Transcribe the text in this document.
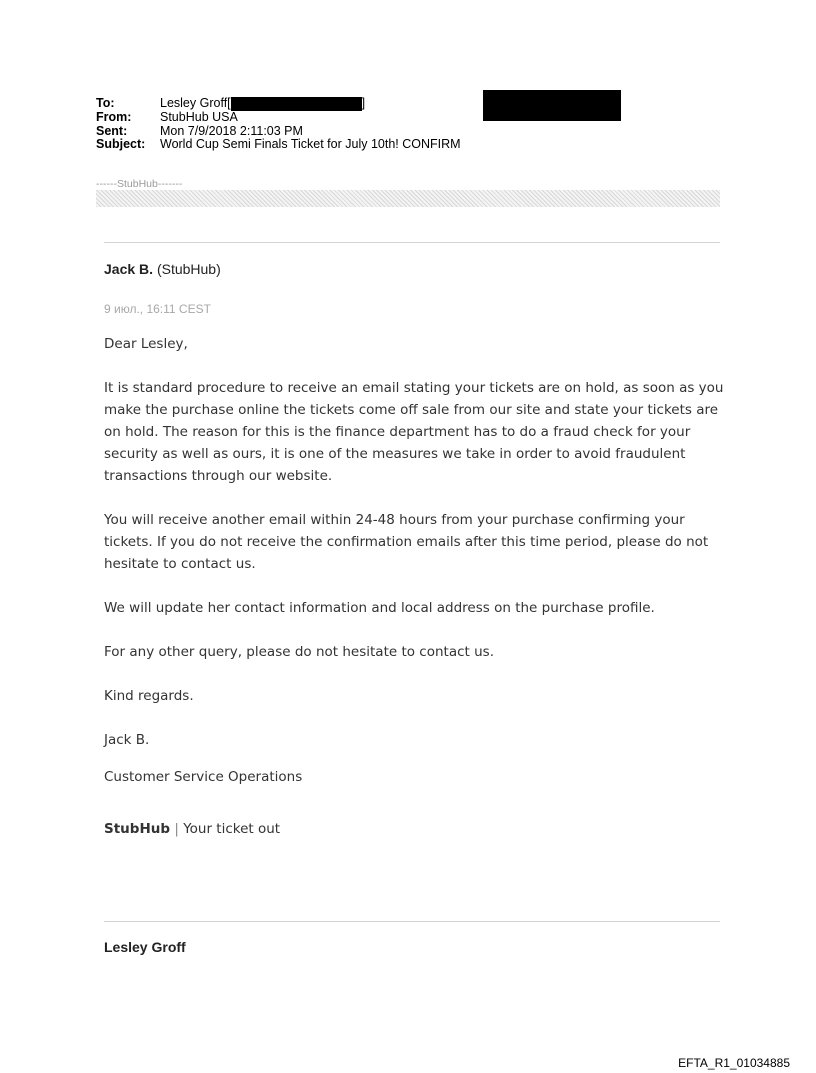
To:	Lesley Groff[	]
From:	StubHub USA
Sent:	Mon 7/9/2018 2:11:03 PM
Subject:	World Cup Semi Finals Ticket for July 10th! CONFIRM
------StubHub-------
Jack B. (StubHub)
9 июл., 16:11 CEST
Dear Lesley,
It is standard procedure to receive an email stating your tickets are on hold, as soon as you make the purchase online the tickets come off sale from our site and state your tickets are on hold. The reason for this is the finance department has to do a fraud check for your security as well as ours, it is one of the measures we take in order to avoid fraudulent transactions through our website.
You will receive another email within 24-48 hours from your purchase confirming your tickets. If you do not receive the confirmation emails after this time period, please do not hesitate to contact us.
We will update her contact information and local address on the purchase profile.
For any other query, please do not hesitate to contact us.
Kind regards.
Jack B.
Customer Service Operations
StubHub | Your ticket out
Lesley Groff
EFTA_R1_01034885
